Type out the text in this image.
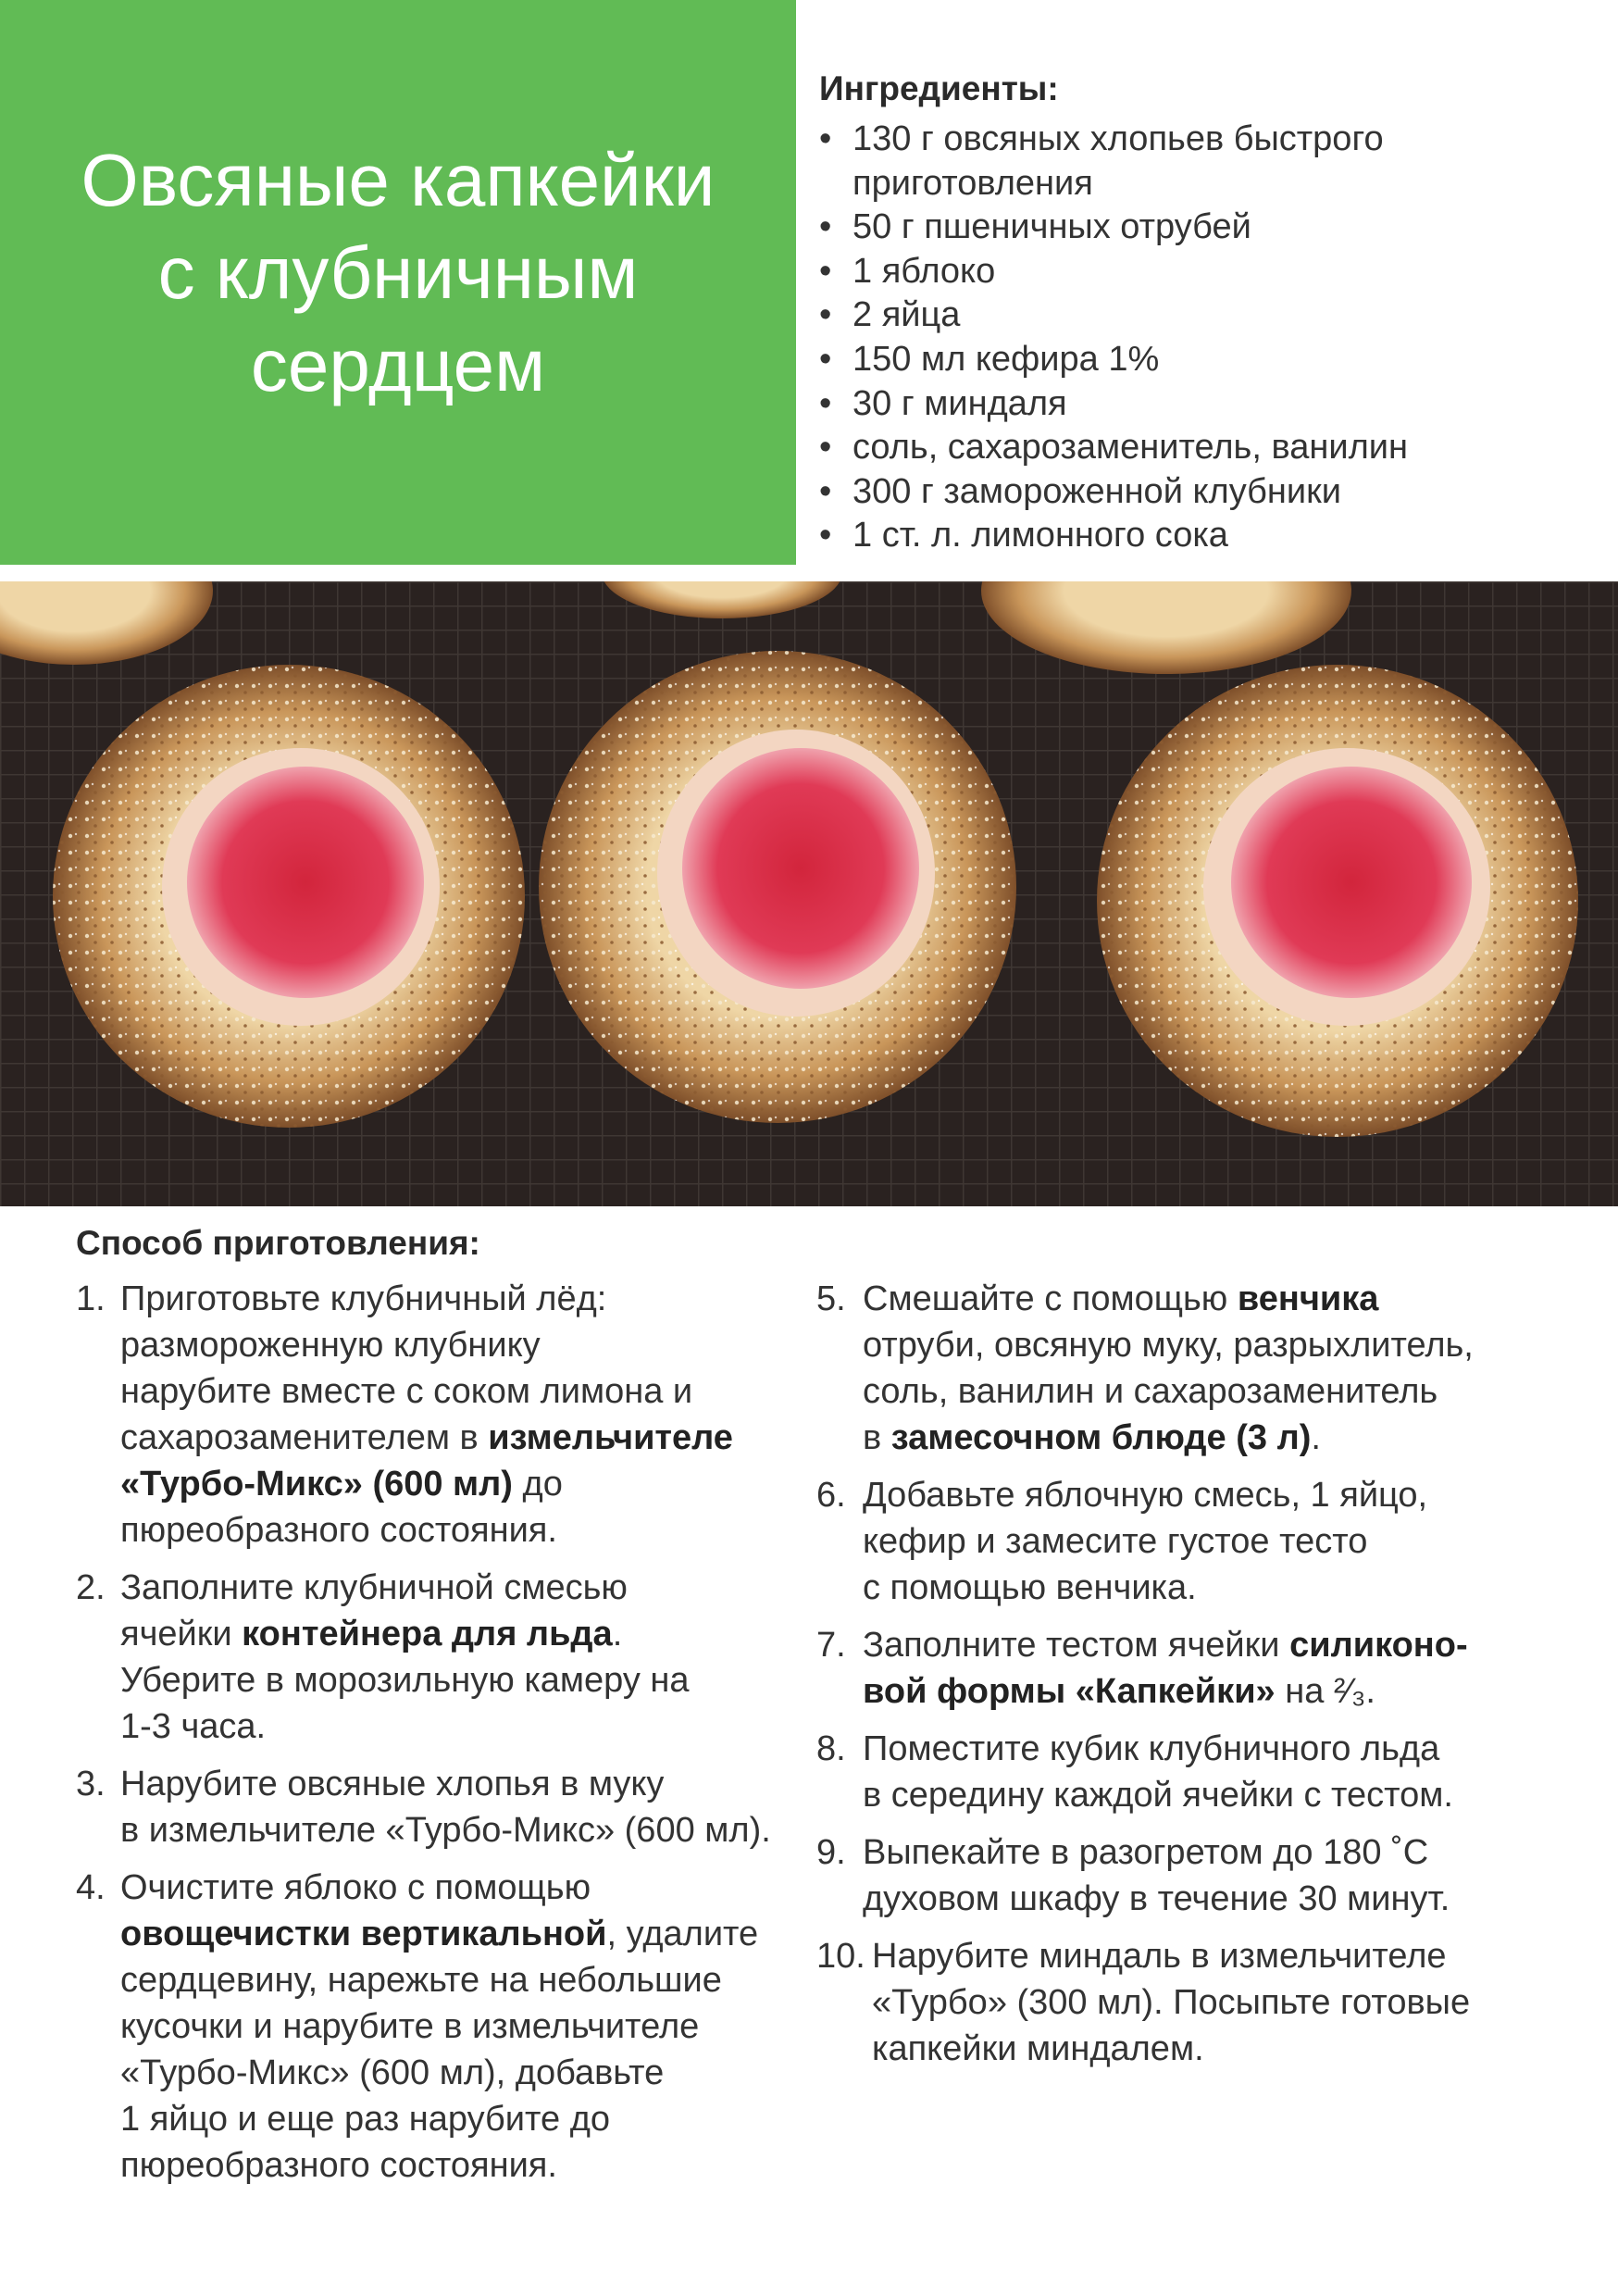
Овсяные капкейки
с клубничным
сердцем
Ингредиенты:
• 130 г овсяных хлопьев быстрого приготовления
• 50 г пшеничных отрубей
• 1 яблоко
• 2 яйца
• 150 мл кефира 1%
• 30 г миндаля
• соль, сахарозаменитель, ванилин
• 300 г замороженной клубники
• 1 ст. л. лимонного сока
Способ приготовления:
1. Приготовьте клубничный лёд:
размороженную клубнику
нарубите вместе с соком лимона и
сахарозаменителем в измельчителе «Турбо-Микс» (600 мл) до
пюреобразного состояния.
2. Заполните клубничной смесью
ячейки контейнера для льда.
Уберите в морозильную камеру на
1-3 часа.
3. Нарубите овсяные хлопья в муку
в измельчителе «Турбо-Микс» (600 мл).
4. Очистите яблоко с помощью
овощечистки вертикальной, удалите
сердцевину, нарежьте на небольшие
кусочки и нарубите в измельчителе
«Турбо-Микс» (600 мл), добавьте
1 яйцо и еще раз нарубите до
пюреобразного состояния.
5. Смешайте с помощью венчика
отруби, овсяную муку, разрыхлитель,
соль, ванилин и сахарозаменитель
в замесочном блюде (3 л).
6. Добавьте яблочную смесь, 1 яйцо,
кефир и замесите густое тесто
с помощью венчика.
7. Заполните тестом ячейки силиконо-
вой формы «Капкейки» на ²⁄₃.
8. Поместите кубик клубничного льда
в середину каждой ячейки с тестом.
9. Выпекайте в разогретом до 180 ˚С
духовом шкафу в течение 30 минут.
10. Нарубите миндаль в измельчителе
«Турбо» (300 мл). Посыпьте готовые
капкейки миндалем.
